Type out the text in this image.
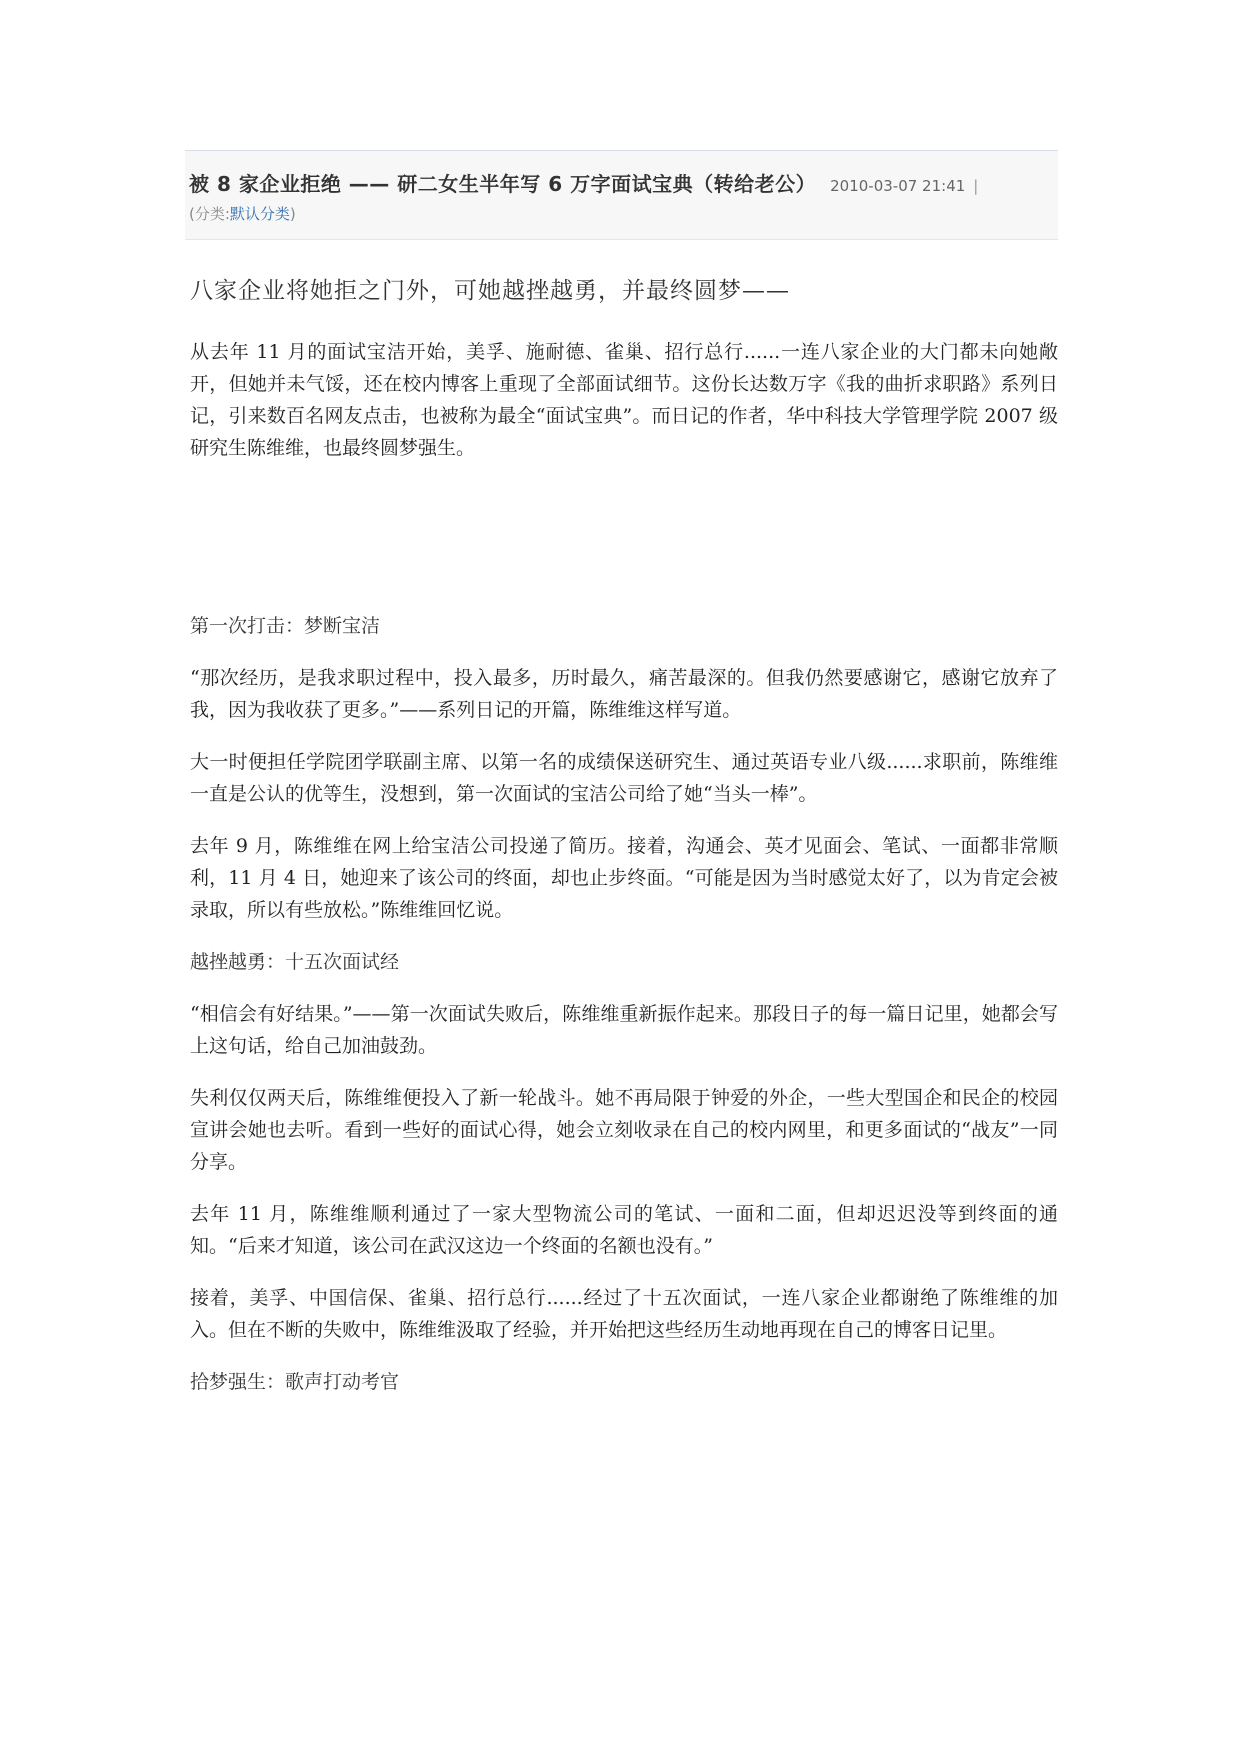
被 8 家企业拒绝 —— 研二女生半年写 6 万字面试宝典（转给老公） 2010-03-07 21:41 |
(分类:默认分类)
八家企业将她拒之门外，可她越挫越勇，并最终圆梦——

从去年 11 月的面试宝洁开始，美孚、施耐德、雀巢、招行总行......一连八家企业的大门都未向她敞开，但她并未气馁，还在校内博客上重现了全部面试细节。这份长达数万字《我的曲折求职路》系列日记，引来数百名网友点击，也被称为最全“面试宝典”。而日记的作者，华中科技大学管理学院 2007 级研究生陈维维，也最终圆梦强生。

第一次打击：梦断宝洁

“那次经历，是我求职过程中，投入最多，历时最久，痛苦最深的。但我仍然要感谢它，感谢它放弃了我，因为我收获了更多。”——系列日记的开篇，陈维维这样写道。

大一时便担任学院团学联副主席、以第一名的成绩保送研究生、通过英语专业八级......求职前，陈维维一直是公认的优等生，没想到，第一次面试的宝洁公司给了她“当头一棒”。

去年 9 月，陈维维在网上给宝洁公司投递了简历。接着，沟通会、英才见面会、笔试、一面都非常顺利，11 月 4 日，她迎来了该公司的终面，却也止步终面。“可能是因为当时感觉太好了，以为肯定会被录取，所以有些放松。”陈维维回忆说。

越挫越勇：十五次面试经

“相信会有好结果。”——第一次面试失败后，陈维维重新振作起来。那段日子的每一篇日记里，她都会写上这句话，给自己加油鼓劲。

失利仅仅两天后，陈维维便投入了新一轮战斗。她不再局限于钟爱的外企，一些大型国企和民企的校园宣讲会她也去听。看到一些好的面试心得，她会立刻收录在自己的校内网里，和更多面试的“战友”一同分享。

去年 11 月，陈维维顺利通过了一家大型物流公司的笔试、一面和二面，但却迟迟没等到终面的通知。“后来才知道，该公司在武汉这边一个终面的名额也没有。”

接着，美孚、中国信保、雀巢、招行总行......经过了十五次面试，一连八家企业都谢绝了陈维维的加入。但在不断的失败中，陈维维汲取了经验，并开始把这些经历生动地再现在自己的博客日记里。

拾梦强生：歌声打动考官
